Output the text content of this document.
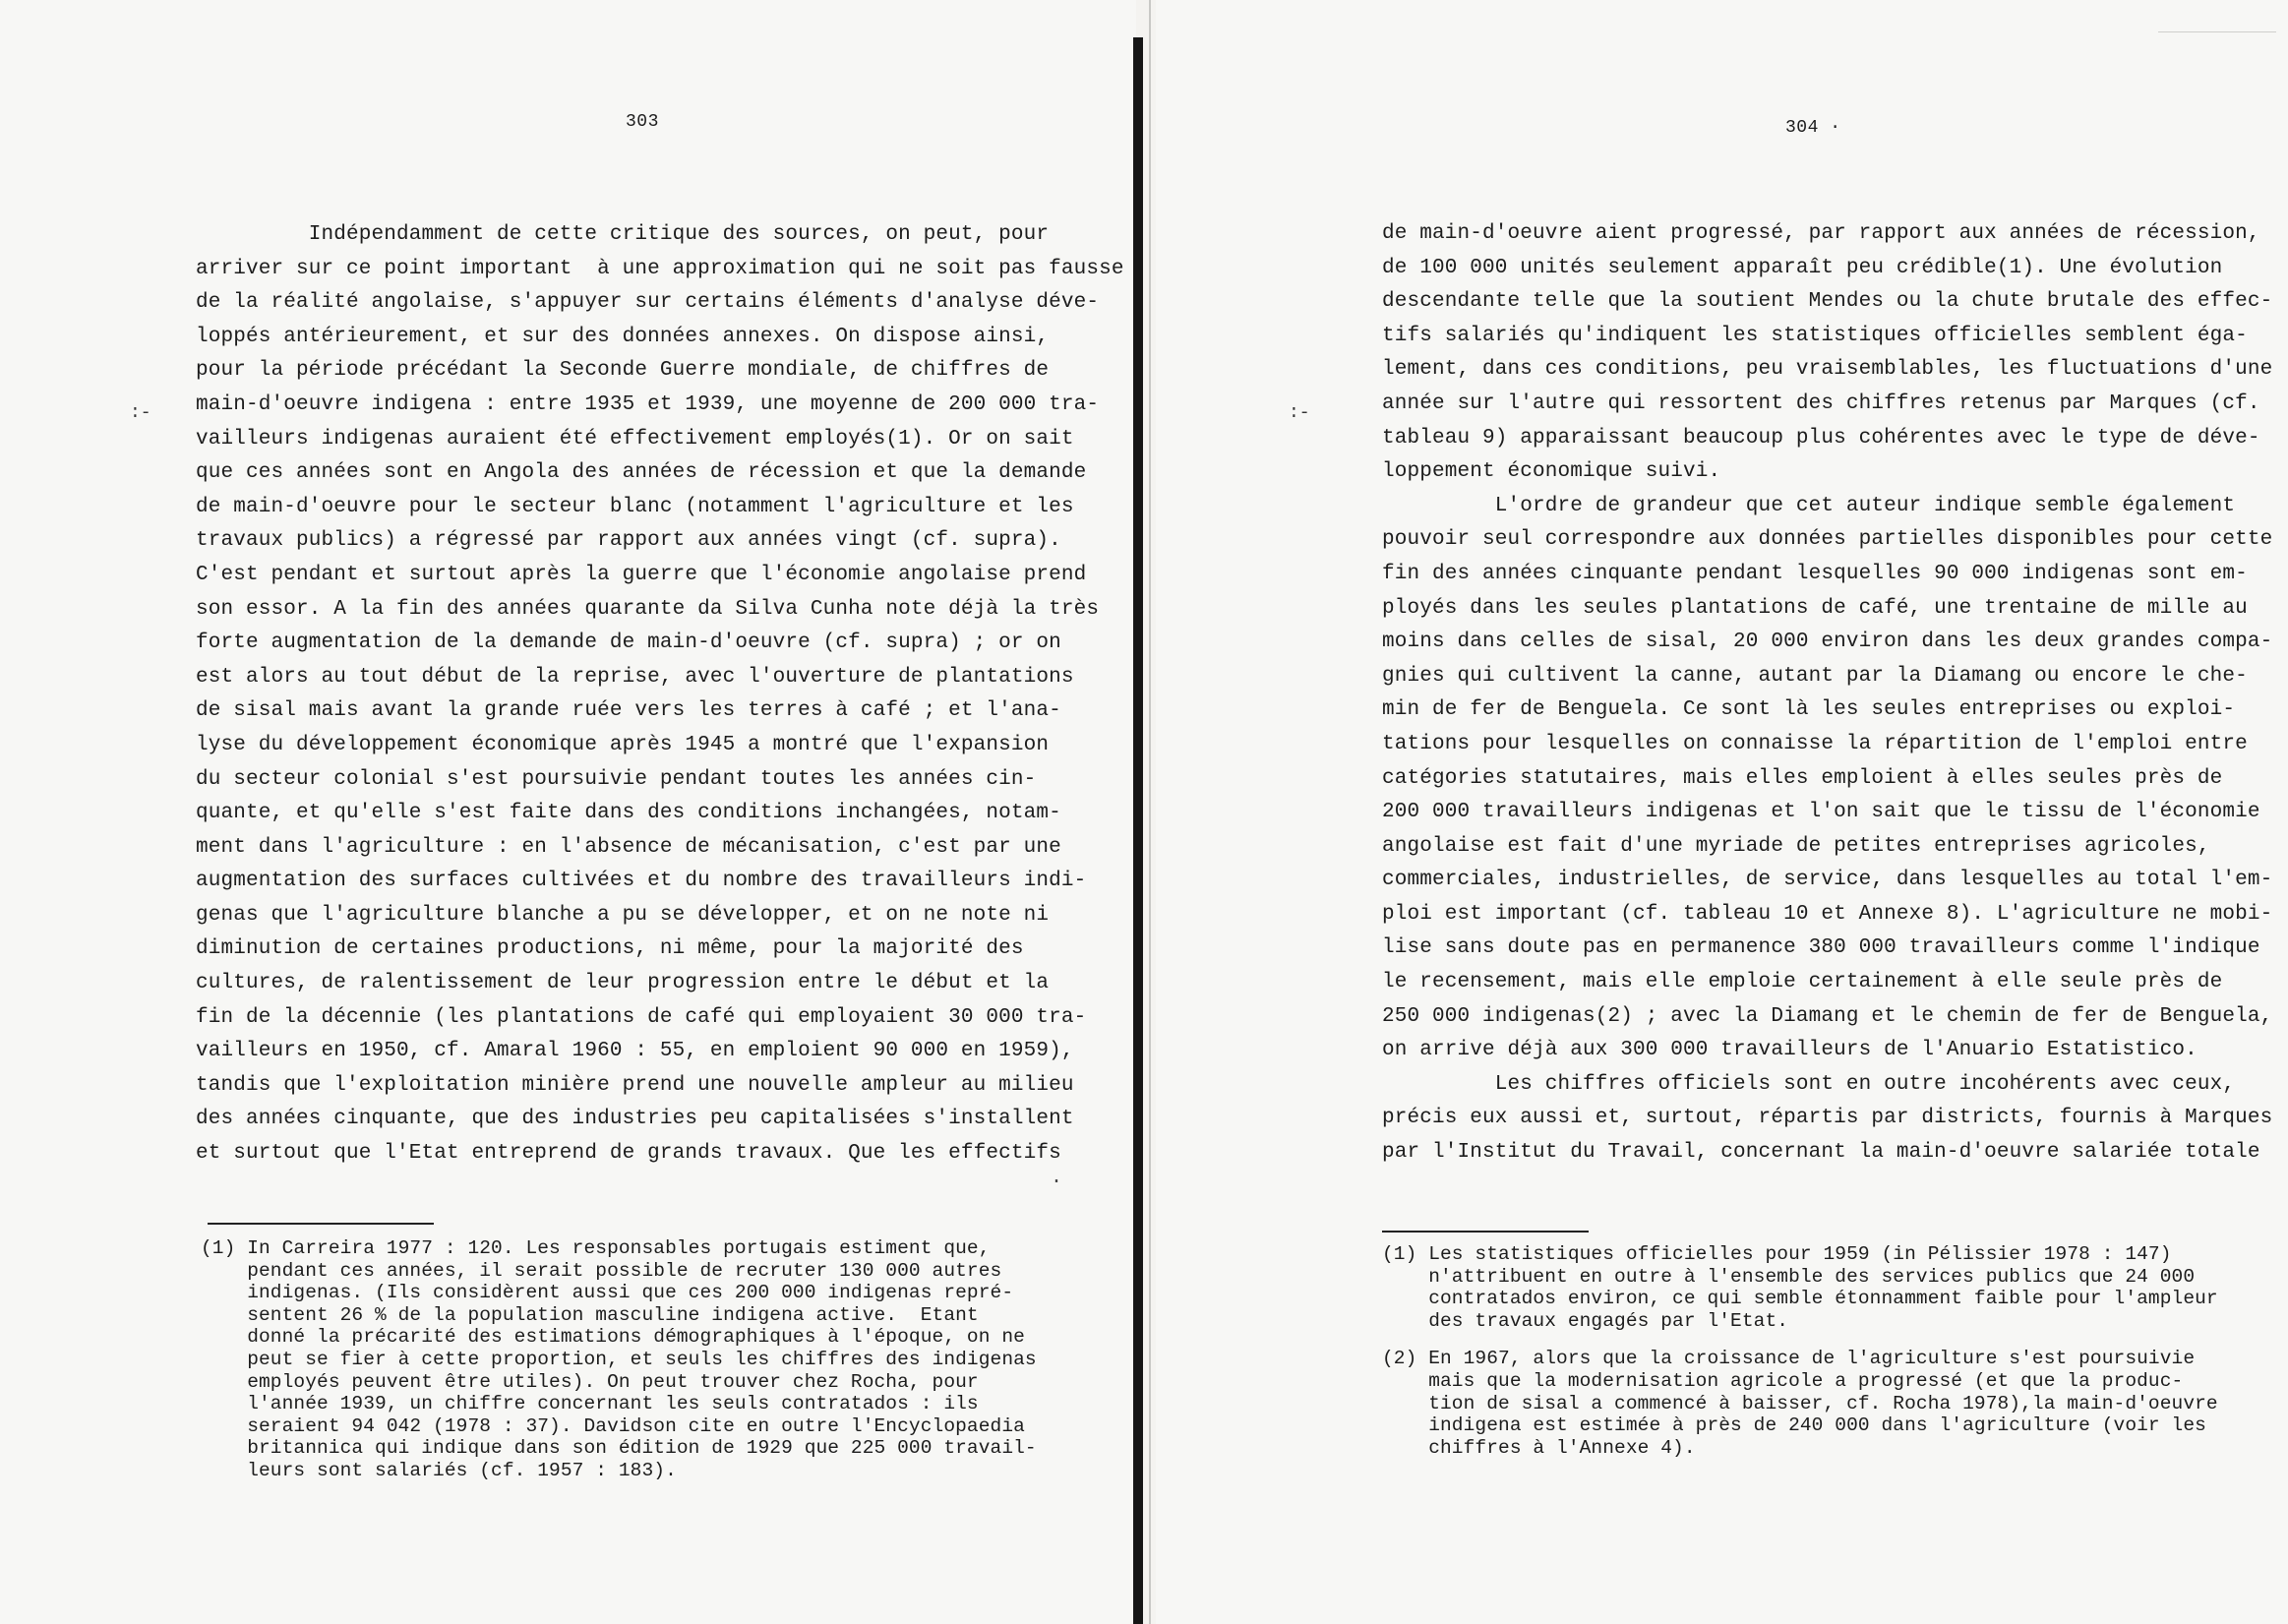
303
:-
Indépendamment de cette critique des sources, on peut, pour
arriver sur ce point important  à une approximation qui ne soit pas fausse
de la réalité angolaise, s'appuyer sur certains éléments d'analyse déve-
loppés antérieurement, et sur des données annexes. On dispose ainsi,
pour la période précédant la Seconde Guerre mondiale, de chiffres de
main-d'oeuvre indigena : entre 1935 et 1939, une moyenne de 200 000 tra-
vailleurs indigenas auraient été effectivement employés(1). Or on sait
que ces années sont en Angola des années de récession et que la demande
de main-d'oeuvre pour le secteur blanc (notamment l'agriculture et les
travaux publics) a régressé par rapport aux années vingt (cf. supra).
C'est pendant et surtout après la guerre que l'économie angolaise prend
son essor. A la fin des années quarante da Silva Cunha note déjà la très
forte augmentation de la demande de main-d'oeuvre (cf. supra) ; or on
est alors au tout début de la reprise, avec l'ouverture de plantations
de sisal mais avant la grande ruée vers les terres à café ; et l'ana-
lyse du développement économique après 1945 a montré que l'expansion
du secteur colonial s'est poursuivie pendant toutes les années cin-
quante, et qu'elle s'est faite dans des conditions inchangées, notam-
ment dans l'agriculture : en l'absence de mécanisation, c'est par une
augmentation des surfaces cultivées et du nombre des travailleurs indi-
genas que l'agriculture blanche a pu se développer, et on ne note ni
diminution de certaines productions, ni même, pour la majorité des
cultures, de ralentissement de leur progression entre le début et la
fin de la décennie (les plantations de café qui employaient 30 000 tra-
vailleurs en 1950, cf. Amaral 1960 : 55, en emploient 90 000 en 1959),
tandis que l'exploitation minière prend une nouvelle ampleur au milieu
des années cinquante, que des industries peu capitalisées s'installent
et surtout que l'Etat entreprend de grands travaux. Que les effectifs
(1) In Carreira 1977 : 120. Les responsables portugais estiment que,
pendant ces années, il serait possible de recruter 130 000 autres
indigenas. (Ils considèrent aussi que ces 200 000 indigenas repré-
sentent 26 % de la population masculine indigena active.  Etant
donné la précarité des estimations démographiques à l'époque, on ne
peut se fier à cette proportion, et seuls les chiffres des indigenas
employés peuvent être utiles). On peut trouver chez Rocha, pour
l'année 1939, un chiffre concernant les seuls contratados : ils
seraient 94 042 (1978 : 37). Davidson cite en outre l'Encyclopaedia
britannica qui indique dans son édition de 1929 que 225 000 travail-
leurs sont salariés (cf. 1957 : 183).
.
304 ·
de main-d'oeuvre aient progressé, par rapport aux années de récession,
de 100 000 unités seulement apparaît peu crédible(1). Une évolution
descendante telle que la soutient Mendes ou la chute brutale des effec-
tifs salariés qu'indiquent les statistiques officielles semblent éga-
lement, dans ces conditions, peu vraisemblables, les fluctuations d'une
année sur l'autre qui ressortent des chiffres retenus par Marques (cf.
tableau 9) apparaissant beaucoup plus cohérentes avec le type de déve-
loppement économique suivi.
L'ordre de grandeur que cet auteur indique semble également
pouvoir seul correspondre aux données partielles disponibles pour cette
fin des années cinquante pendant lesquelles 90 000 indigenas sont em-
ployés dans les seules plantations de café, une trentaine de mille au
moins dans celles de sisal, 20 000 environ dans les deux grandes compa-
gnies qui cultivent la canne, autant par la Diamang ou encore le che-
min de fer de Benguela. Ce sont là les seules entreprises ou exploi-
tations pour lesquelles on connaisse la répartition de l'emploi entre
catégories statutaires, mais elles emploient à elles seules près de
200 000 travailleurs indigenas et l'on sait que le tissu de l'économie
angolaise est fait d'une myriade de petites entreprises agricoles,
commerciales, industrielles, de service, dans lesquelles au total l'em-
ploi est important (cf. tableau 10 et Annexe 8). L'agriculture ne mobi-
lise sans doute pas en permanence 380 000 travailleurs comme l'indique
le recensement, mais elle emploie certainement à elle seule près de
250 000 indigenas(2) ; avec la Diamang et le chemin de fer de Benguela,
on arrive déjà aux 300 000 travailleurs de l'Anuario Estatistico.
Les chiffres officiels sont en outre incohérents avec ceux,
précis eux aussi et, surtout, répartis par districts, fournis à Marques
par l'Institut du Travail, concernant la main-d'oeuvre salariée totale
(1) Les statistiques officielles pour 1959 (in Pélissier 1978 : 147)
n'attribuent en outre à l'ensemble des services publics que 24 000
contratados environ, ce qui semble étonnamment faible pour l'ampleur
des travaux engagés par l'Etat.
(2) En 1967, alors que la croissance de l'agriculture s'est poursuivie
mais que la modernisation agricole a progressé (et que la produc-
tion de sisal a commencé à baisser, cf. Rocha 1978),la main-d'oeuvre
indigena est estimée à près de 240 000 dans l'agriculture (voir les
chiffres à l'Annexe 4).
:-
